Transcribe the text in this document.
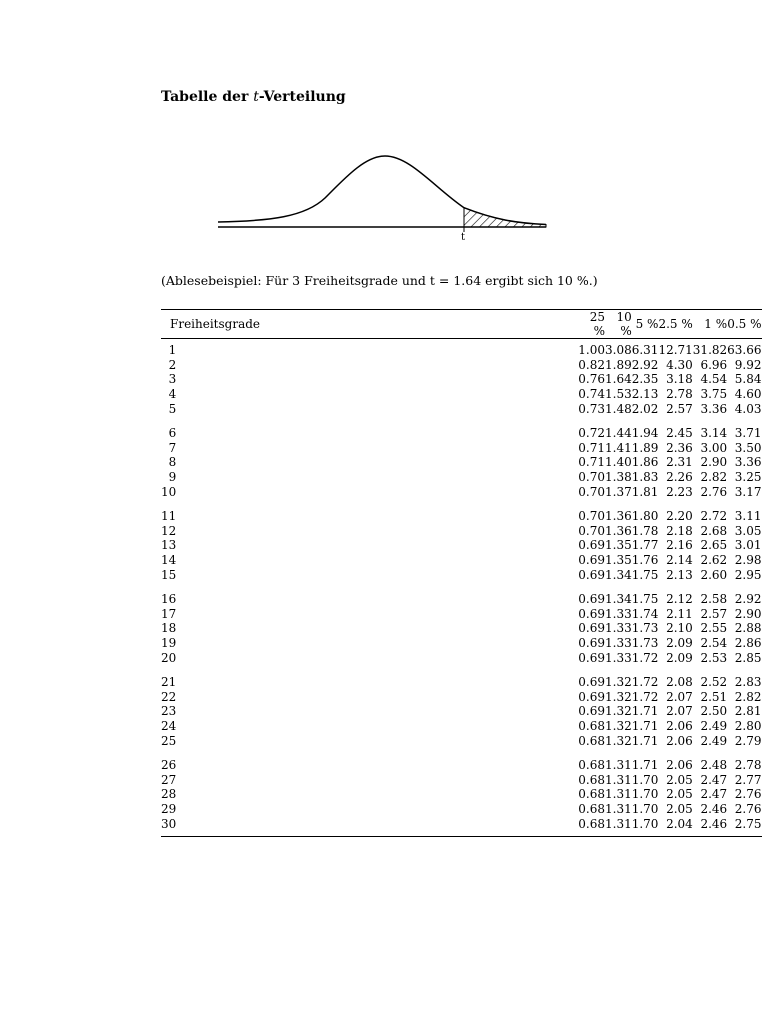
Tabelle der t-Verteilung
t

(Ablesebeispiel: Für 3 Freiheitsgrade und t = 1.64 ergibt sich 10 %.)

Freiheitsgrade	25 %	10 %	5 %	2.5 %	1 %	0.5 %
1	1.00	3.08	6.31	12.71	31.82	63.66
2	0.82	1.89	2.92	4.30	6.96	9.92
3	0.76	1.64	2.35	3.18	4.54	5.84
4	0.74	1.53	2.13	2.78	3.75	4.60
5	0.73	1.48	2.02	2.57	3.36	4.03
6	0.72	1.44	1.94	2.45	3.14	3.71
7	0.71	1.41	1.89	2.36	3.00	3.50
8	0.71	1.40	1.86	2.31	2.90	3.36
9	0.70	1.38	1.83	2.26	2.82	3.25
10	0.70	1.37	1.81	2.23	2.76	3.17
11	0.70	1.36	1.80	2.20	2.72	3.11
12	0.70	1.36	1.78	2.18	2.68	3.05
13	0.69	1.35	1.77	2.16	2.65	3.01
14	0.69	1.35	1.76	2.14	2.62	2.98
15	0.69	1.34	1.75	2.13	2.60	2.95
16	0.69	1.34	1.75	2.12	2.58	2.92
17	0.69	1.33	1.74	2.11	2.57	2.90
18	0.69	1.33	1.73	2.10	2.55	2.88
19	0.69	1.33	1.73	2.09	2.54	2.86
20	0.69	1.33	1.72	2.09	2.53	2.85
21	0.69	1.32	1.72	2.08	2.52	2.83
22	0.69	1.32	1.72	2.07	2.51	2.82
23	0.69	1.32	1.71	2.07	2.50	2.81
24	0.68	1.32	1.71	2.06	2.49	2.80
25	0.68	1.32	1.71	2.06	2.49	2.79
26	0.68	1.31	1.71	2.06	2.48	2.78
27	0.68	1.31	1.70	2.05	2.47	2.77
28	0.68	1.31	1.70	2.05	2.47	2.76
29	0.68	1.31	1.70	2.05	2.46	2.76
30	0.68	1.31	1.70	2.04	2.46	2.75
